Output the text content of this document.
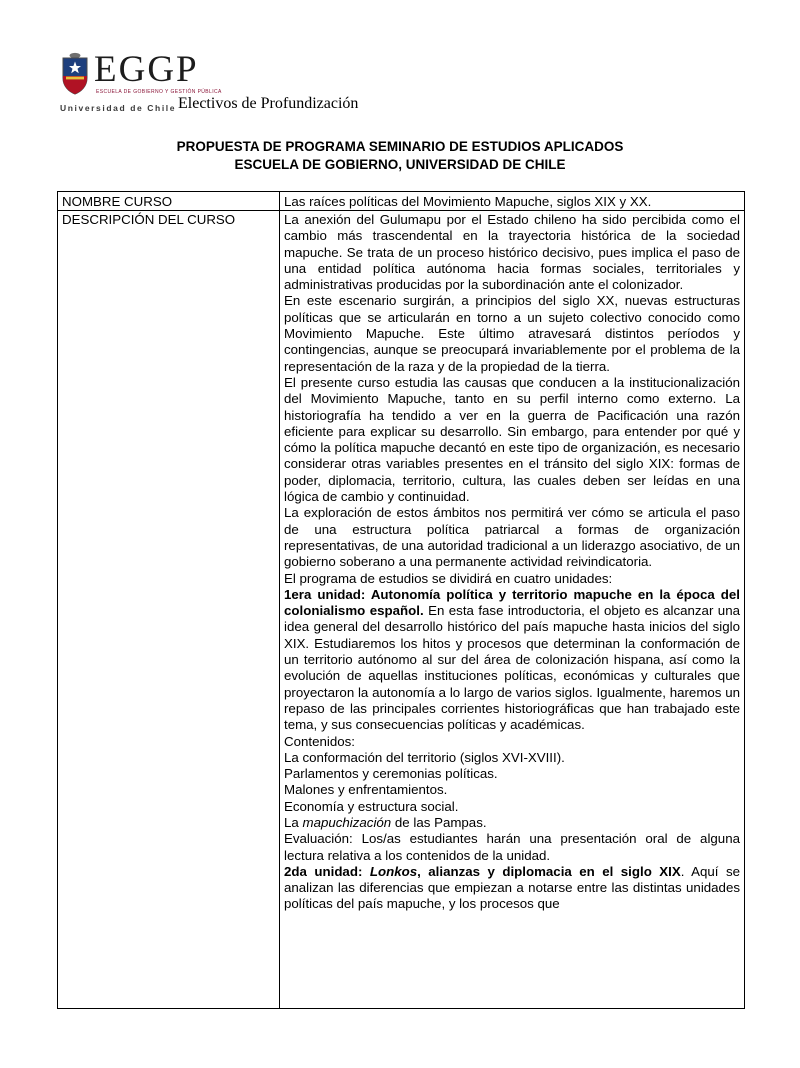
EGGP
ESCUELA DE GOBIERNO Y GESTIÓN PÚBLICA
Universidad de Chile Electivos de Profundización
PROPUESTA DE PROGRAMA SEMINARIO DE ESTUDIOS APLICADOS
ESCUELA DE GOBIERNO, UNIVERSIDAD DE CHILE
NOMBRE CURSO	Las raíces políticas del Movimiento Mapuche, siglos XIX y XX.
DESCRIPCIÓN DEL CURSO	La anexión del Gulumapu por el Estado chileno ha sido percibida como el cambio más trascendental en la trayectoria histórica de la sociedad mapuche. Se trata de un proceso histórico decisivo, pues implica el paso de una entidad política autónoma hacia formas sociales, territoriales y administrativas producidas por la subordinación ante el colonizador.
En este escenario surgirán, a principios del siglo XX, nuevas estructuras políticas que se articularán en torno a un sujeto colectivo conocido como Movimiento Mapuche. Este último atravesará distintos períodos y contingencias, aunque se preocupará invariablemente por el problema de la representación de la raza y de la propiedad de la tierra.
El presente curso estudia las causas que conducen a la institucionalización del Movimiento Mapuche, tanto en su perfil interno como externo. La historiografía ha tendido a ver en la guerra de Pacificación una razón eficiente para explicar su desarrollo. Sin embargo, para entender por qué y cómo la política mapuche decantó en este tipo de organización, es necesario considerar otras variables presentes en el tránsito del siglo XIX: formas de poder, diplomacia, territorio, cultura, las cuales deben ser leídas en una lógica de cambio y continuidad.
La exploración de estos ámbitos nos permitirá ver cómo se articula el paso de una estructura política patriarcal a formas de organización representativas, de una autoridad tradicional a un liderazgo asociativo, de un gobierno soberano a una permanente actividad reivindicatoria.
El programa de estudios se dividirá en cuatro unidades:
1era unidad: Autonomía política y territorio mapuche en la época del colonialismo español. En esta fase introductoria, el objeto es alcanzar una idea general del desarrollo histórico del país mapuche hasta inicios del siglo XIX. Estudiaremos los hitos y procesos que determinan la conformación de un territorio autónomo al sur del área de colonización hispana, así como la evolución de aquellas instituciones políticas, económicas y culturales que proyectaron la autonomía a lo largo de varios siglos. Igualmente, haremos un repaso de las principales corrientes historiográficas que han trabajado este tema, y sus consecuencias políticas y académicas.
Contenidos:
La conformación del territorio (siglos XVI-XVIII).
Parlamentos y ceremonias políticas.
Malones y enfrentamientos.
Economía y estructura social.
La mapuchización de las Pampas.
Evaluación: Los/as estudiantes harán una presentación oral de alguna lectura relativa a los contenidos de la unidad.
2da unidad: Lonkos, alianzas y diplomacia en el siglo XIX. Aquí se analizan las diferencias que empiezan a notarse entre las distintas unidades políticas del país mapuche, y los procesos que
